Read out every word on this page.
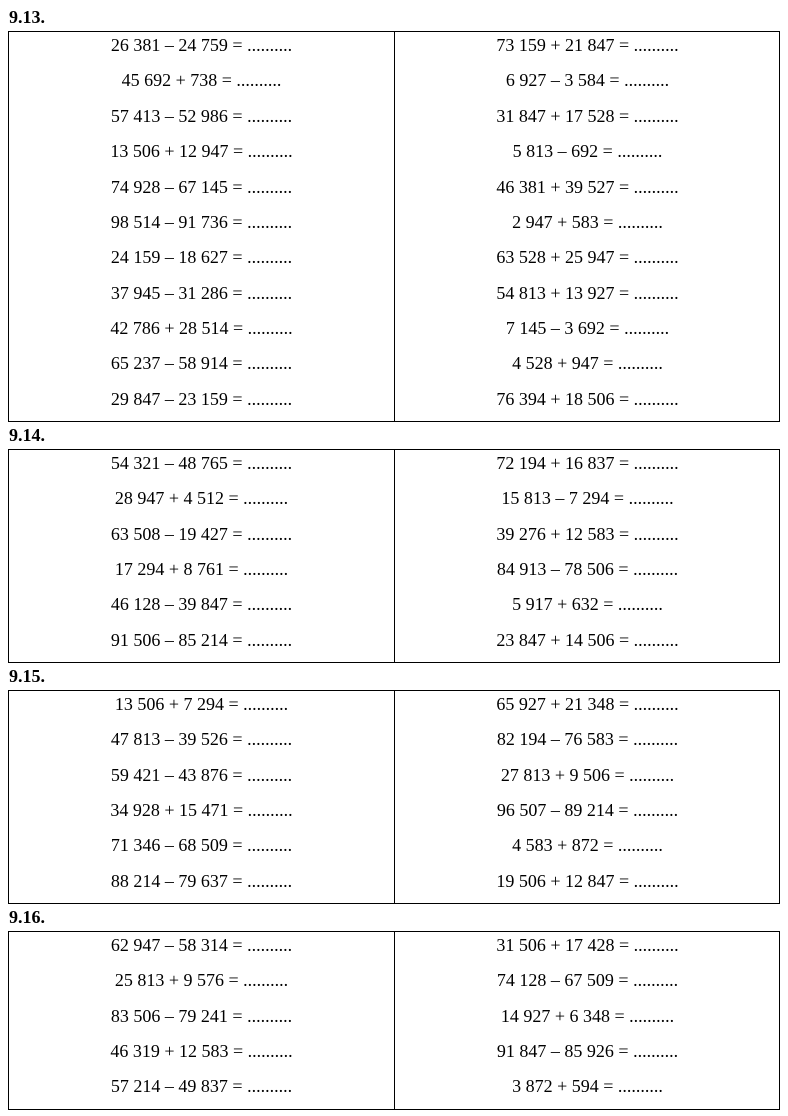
9.13.
26 381 – 24 759 = ..........
45 692 + 738 = ..........
57 413 – 52 986 = ..........
13 506 + 12 947 = ..........
74 928 – 67 145 = ..........
98 514 – 91 736 = ..........
24 159 – 18 627 = ..........
37 945 – 31 286 = ..........
42 786 + 28 514 = ..........
65 237 – 58 914 = ..........
29 847 – 23 159 = ..........
73 159 + 21 847 = ..........
6 927 – 3 584 = ..........
31 847 + 17 528 = ..........
5 813 – 692 = ..........
46 381 + 39 527 = ..........
2 947 + 583 = ..........
63 528 + 25 947 = ..........
54 813 + 13 927 = ..........
7 145 – 3 692 = ..........
4 528 + 947 = ..........
76 394 + 18 506 = ..........
9.14.
54 321 – 48 765 = ..........
28 947 + 4 512 = ..........
63 508 – 19 427 = ..........
17 294 + 8 761 = ..........
46 128 – 39 847 = ..........
91 506 – 85 214 = ..........
72 194 + 16 837 = ..........
15 813 – 7 294 = ..........
39 276 + 12 583 = ..........
84 913 – 78 506 = ..........
5 917 + 632 = ..........
23 847 + 14 506 = ..........
9.15.
13 506 + 7 294 = ..........
47 813 – 39 526 = ..........
59 421 – 43 876 = ..........
34 928 + 15 471 = ..........
71 346 – 68 509 = ..........
88 214 – 79 637 = ..........
65 927 + 21 348 = ..........
82 194 – 76 583 = ..........
27 813 + 9 506 = ..........
96 507 – 89 214 = ..........
4 583 + 872 = ..........
19 506 + 12 847 = ..........
9.16.
62 947 – 58 314 = ..........
25 813 + 9 576 = ..........
83 506 – 79 241 = ..........
46 319 + 12 583 = ..........
57 214 – 49 837 = ..........
31 506 + 17 428 = ..........
74 128 – 67 509 = ..........
14 927 + 6 348 = ..........
91 847 – 85 926 = ..........
3 872 + 594 = ..........
